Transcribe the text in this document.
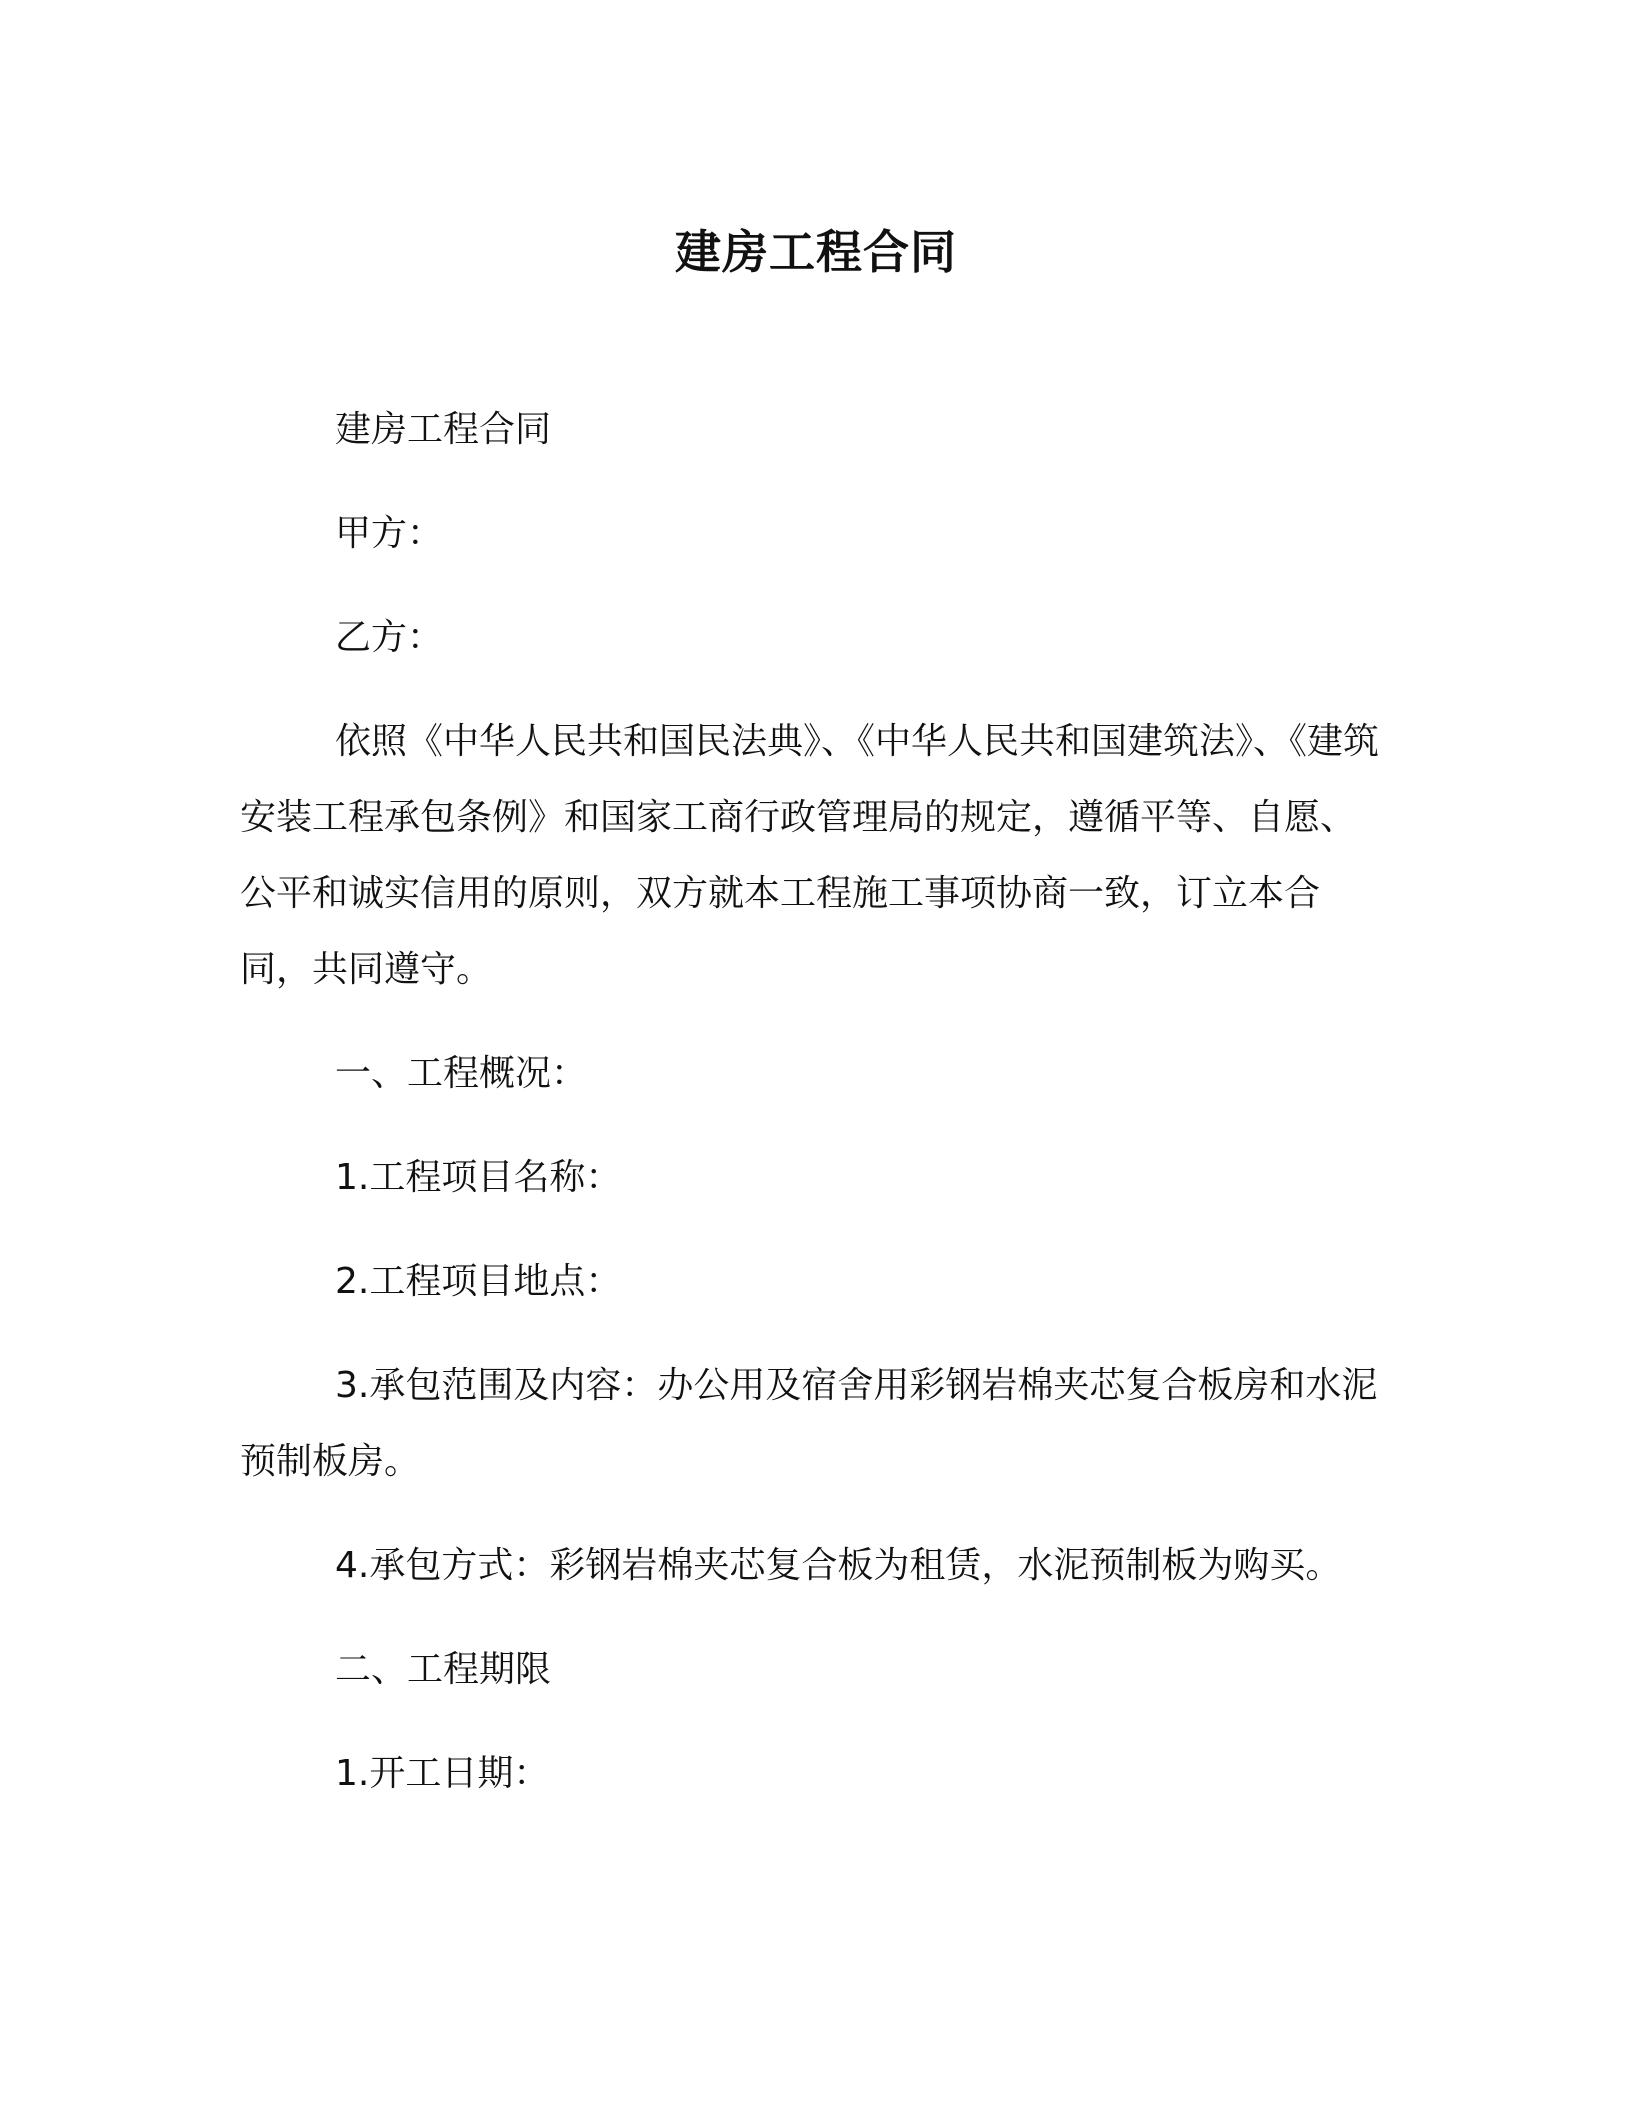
建房工程合同

建房工程合同

甲方：

乙方：

依照《中华人民共和国民法典》、《中华人民共和国建筑法》、《建筑安装工程承包条例》和国家工商行政管理局的规定，遵循平等、自愿、公平和诚实信用的原则，双方就本工程施工事项协商一致，订立本合同，共同遵守。

一、工程概况：

1.工程项目名称：

2.工程项目地点：

3.承包范围及内容：办公用及宿舍用彩钢岩棉夹芯复合板房和水泥预制板房。

4.承包方式：彩钢岩棉夹芯复合板为租赁，水泥预制板为购买。

二、工程期限

1.开工日期：
